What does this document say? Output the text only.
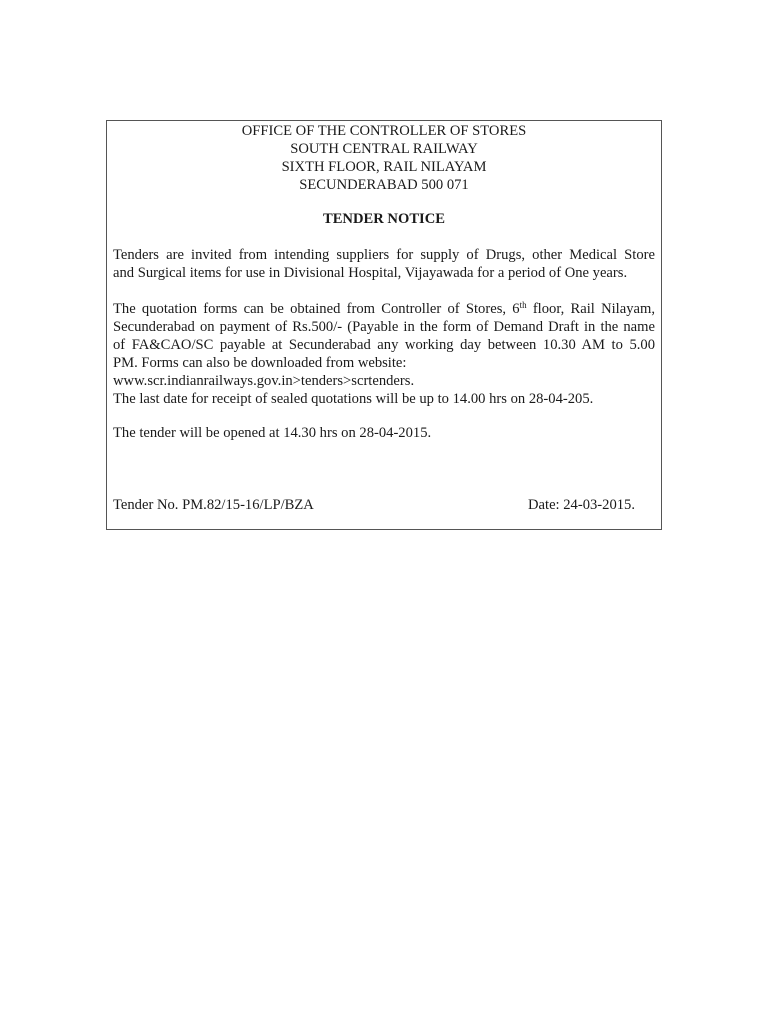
OFFICE OF THE CONTROLLER OF STORES
SOUTH CENTRAL RAILWAY
SIXTH FLOOR, RAIL NILAYAM
SECUNDERABAD 500 071
TENDER NOTICE
Tenders are invited from intending suppliers for supply of Drugs, other Medical Store
and Surgical items for use in Divisional Hospital, Vijayawada for a period of One years.
The quotation forms can be obtained from Controller of Stores, 6th floor, Rail Nilayam,
Secunderabad on payment of Rs.500/- (Payable in the form of Demand Draft in the name
of FA&CAO/SC payable at Secunderabad any working day between 10.30 AM to 5.00
PM. Forms can also be downloaded from website:
www.scr.indianrailways.gov.in>tenders>scrtenders.
The last date for receipt of sealed quotations will be up to 14.00 hrs on 28-04-205.
The tender will be opened at 14.30 hrs on 28-04-2015.
Tender No. PM.82/15-16/LP/BZA	Date: 24-03-2015.
